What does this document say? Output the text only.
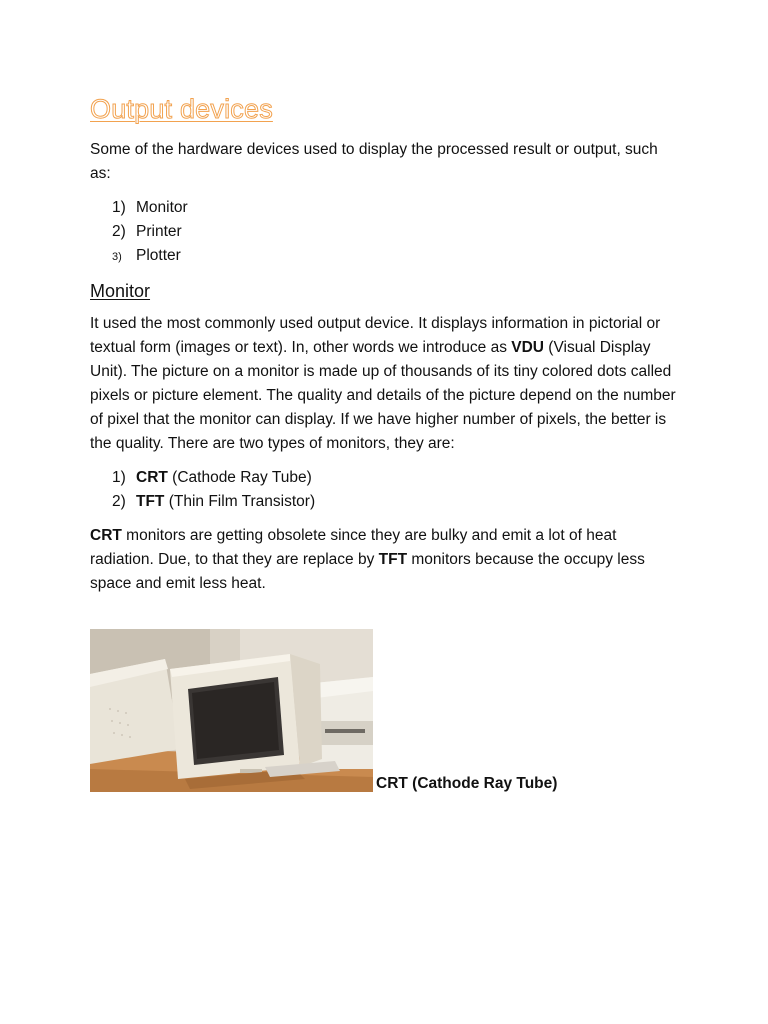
Output devices

Some of the hardware devices used to display the processed result or output, such as:

1) Monitor
2) Printer
3) Plotter
Monitor

It used the most commonly used output device. It displays information in pictorial or textual form (images or text). In, other words we introduce as VDU (Visual Display Unit). The picture on a monitor is made up of thousands of its tiny colored dots called pixels or picture element. The quality and details of the picture depend on the number of pixel that the monitor can display. If we have higher number of pixels, the better is the quality. There are two types of monitors, they are:

1) CRT (Cathode Ray Tube)
2) TFT (Thin Film Transistor)

CRT monitors are getting obsolete since they are bulky and emit a lot of heat radiation. Due, to that they are replace by TFT monitors because the occupy less space and emit less heat.

CRT (Cathode Ray Tube)
